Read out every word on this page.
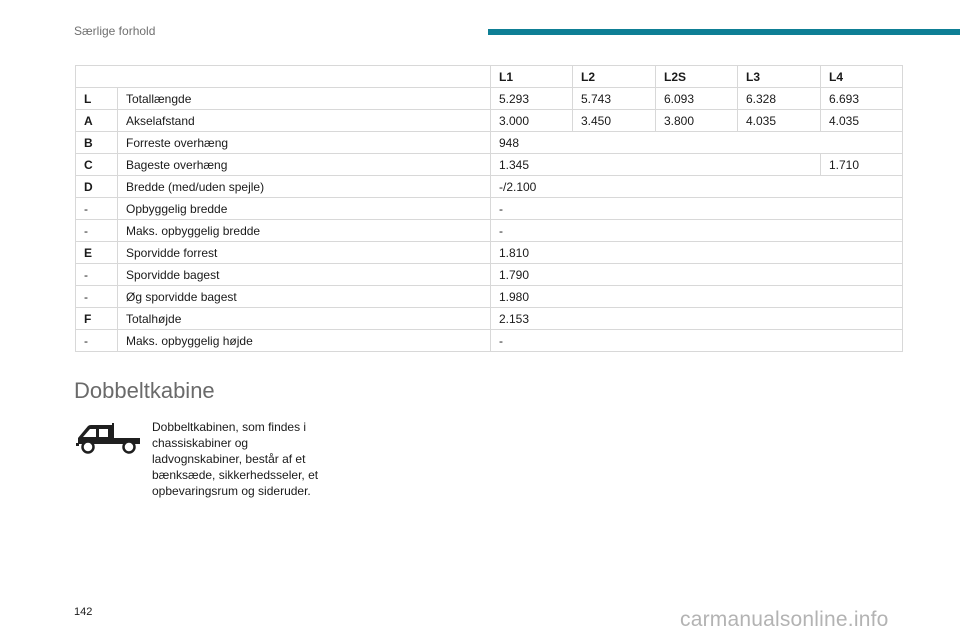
Særlige forhold
		L1	L2	L2S	L3	L4
L	Totallængde	5.293	5.743	6.093	6.328	6.693
A	Akselafstand	3.000	3.450	3.800	4.035	4.035
B	Forreste overhæng	948				
C	Bageste overhæng	1.345				1.710
D	Bredde (med/uden spejle)	-/2.100				
-	Opbyggelig bredde	-				
-	Maks. opbyggelig bredde	-				
E	Sporvidde forrest	1.810				
-	Sporvidde bagest	1.790				
-	Øg sporvidde bagest	1.980				
F	Totalhøjde	2.153				
-	Maks. opbyggelig højde	-				
Dobbeltkabine
Dobbeltkabinen, som findes i chassiskabiner og ladvognskabiner, består af et bænksæde, sikkerhedsseler, et opbevaringsrum og sideruder.
142	carmanualsonline.info
